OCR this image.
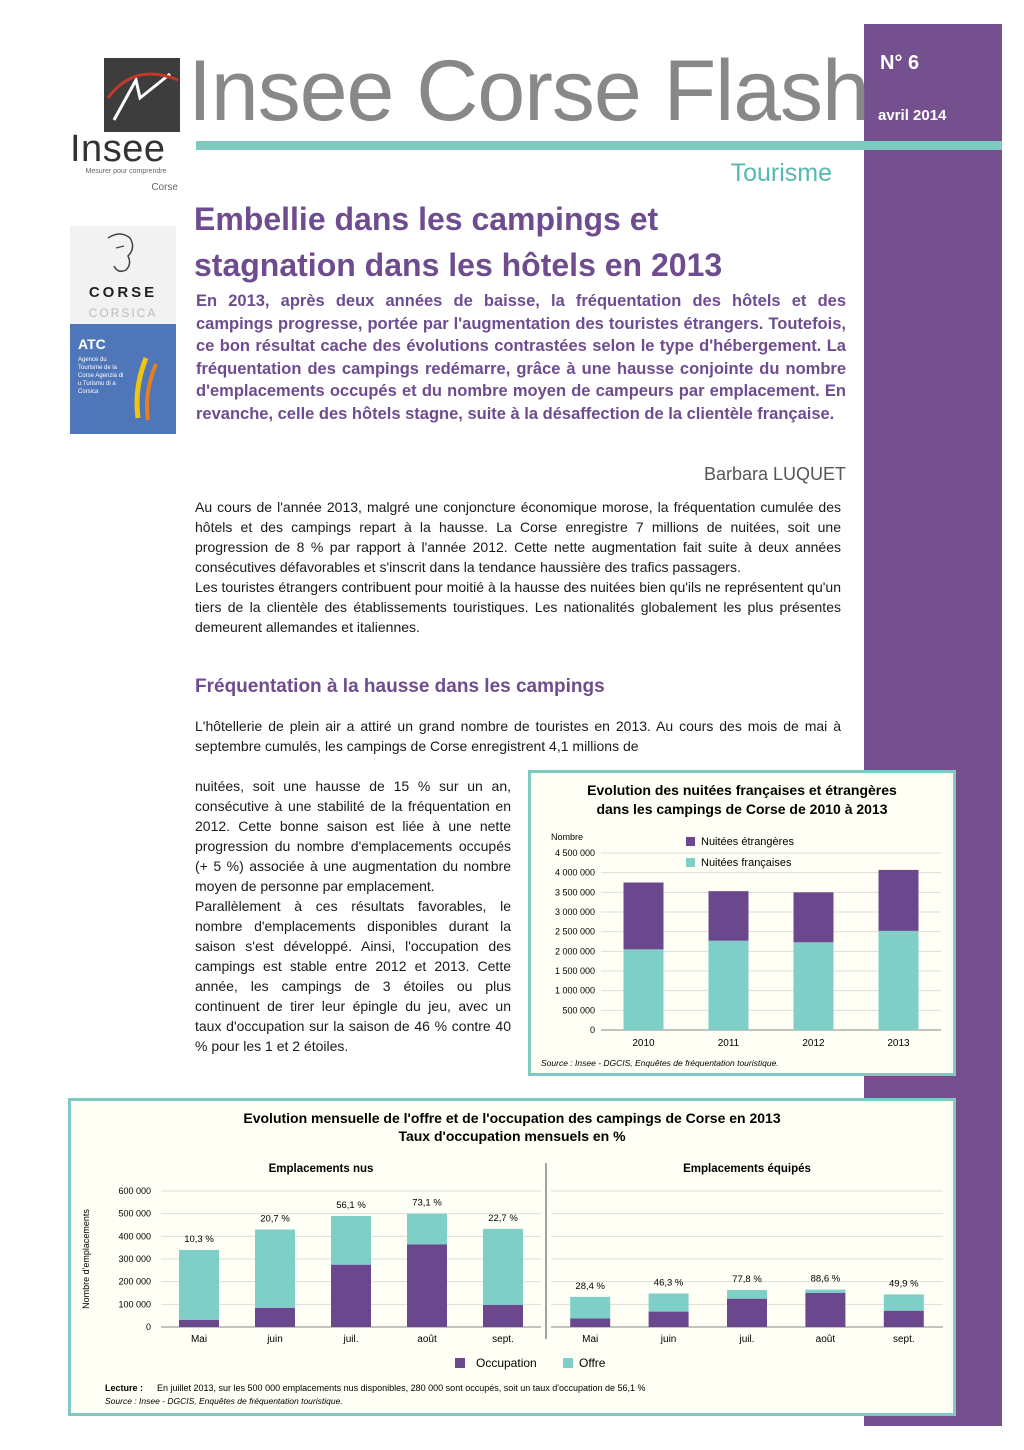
N° 6
avril 2014
Insee
Mesurer pour comprendre
Corse
Insee Corse Flash
Tourisme
CORSE
CORSICA
ATC
Agence du Tourisme de la Corse Agenzia di u Turismu di a Corsica
Embellie dans les campings et
stagnation dans les hôtels en 2013
En 2013, après deux années de baisse, la fréquentation des hôtels et des campings progresse, portée par l'augmentation des touristes étrangers. Toutefois, ce bon résultat cache des évolutions contrastées selon le type d'hébergement. La fréquentation des campings redémarre, grâce à une hausse conjointe du nombre d'emplacements occupés et du nombre moyen de campeurs par emplacement. En revanche, celle des hôtels stagne, suite à la désaffection de la clientèle française.
Barbara LUQUET
Au cours de l'année 2013, malgré une conjoncture économique morose, la fréquentation cumulée des hôtels et des campings repart à la hausse. La Corse enregistre 7 millions de nuitées, soit une progression de 8 % par rapport à l'année 2012. Cette nette augmentation fait suite à deux années consécutives défavorables et s'inscrit dans la tendance haussière des trafics passagers.
Les touristes étrangers contribuent pour moitié à la hausse des nuitées bien qu'ils ne représentent qu'un tiers de la clientèle des établissements touristiques. Les nationalités globalement les plus présentes demeurent allemandes et italiennes.
Fréquentation à la hausse dans les campings
L'hôtellerie de plein air a attiré un grand nombre de touristes en 2013. Au cours des mois de mai à septembre cumulés, les campings de Corse enregistrent 4,1 millions de
nuitées, soit une hausse de 15 % sur un an, consécutive à une stabilité de la fréquentation en 2012. Cette bonne saison est liée à une nette progression du nombre d'emplacements occupés (+ 5 %) associée à une augmentation du nombre moyen de personne par emplacement.
Parallèlement à ces résultats favorables, le nombre d'emplacements disponibles durant la saison s'est développé. Ainsi, l'occupation des campings est stable entre 2012 et 2013. Cette année, les campings de 3 étoiles ou plus continuent de tirer leur épingle du jeu, avec un taux d'occupation sur la saison de 46 % contre 40 % pour les 1 et 2 étoiles.
Evolution des nuitées françaises et étrangères
dans les campings de Corse de 2010 à 2013
Nombre
0
500 000
1 000 000
1 500 000
2 000 000
2 500 000
3 000 000
3 500 000
4 000 000
4 500 000
2010	2011	2012	2013
Nuitées étrangères
Nuitées françaises
Source : Insee - DGCIS, Enquêtes de fréquentation touristique.
Evolution mensuelle de l'offre et de l'occupation des campings de Corse en 2013
Taux d'occupation mensuels en %
Nombre d'emplacements
0
100 000
200 000
300 000
400 000
500 000
600 000
Emplacements nus
10,3 %
Mai
20,7 %
juin
56,1 %
juil.
73,1 %
août
22,7 %
sept.
Emplacements équipés
28,4 %
Mai
46,3 %
juin
77,8 %
juil.
88,6 %
août
49,9 %
sept.
Occupation	Offre
Lecture : En juillet 2013, sur les 500 000 emplacements nus disponibles, 280 000 sont occupés, soit un taux d'occupation de 56,1 %
Source : Insee - DGCIS, Enquêtes de fréquentation touristique.
